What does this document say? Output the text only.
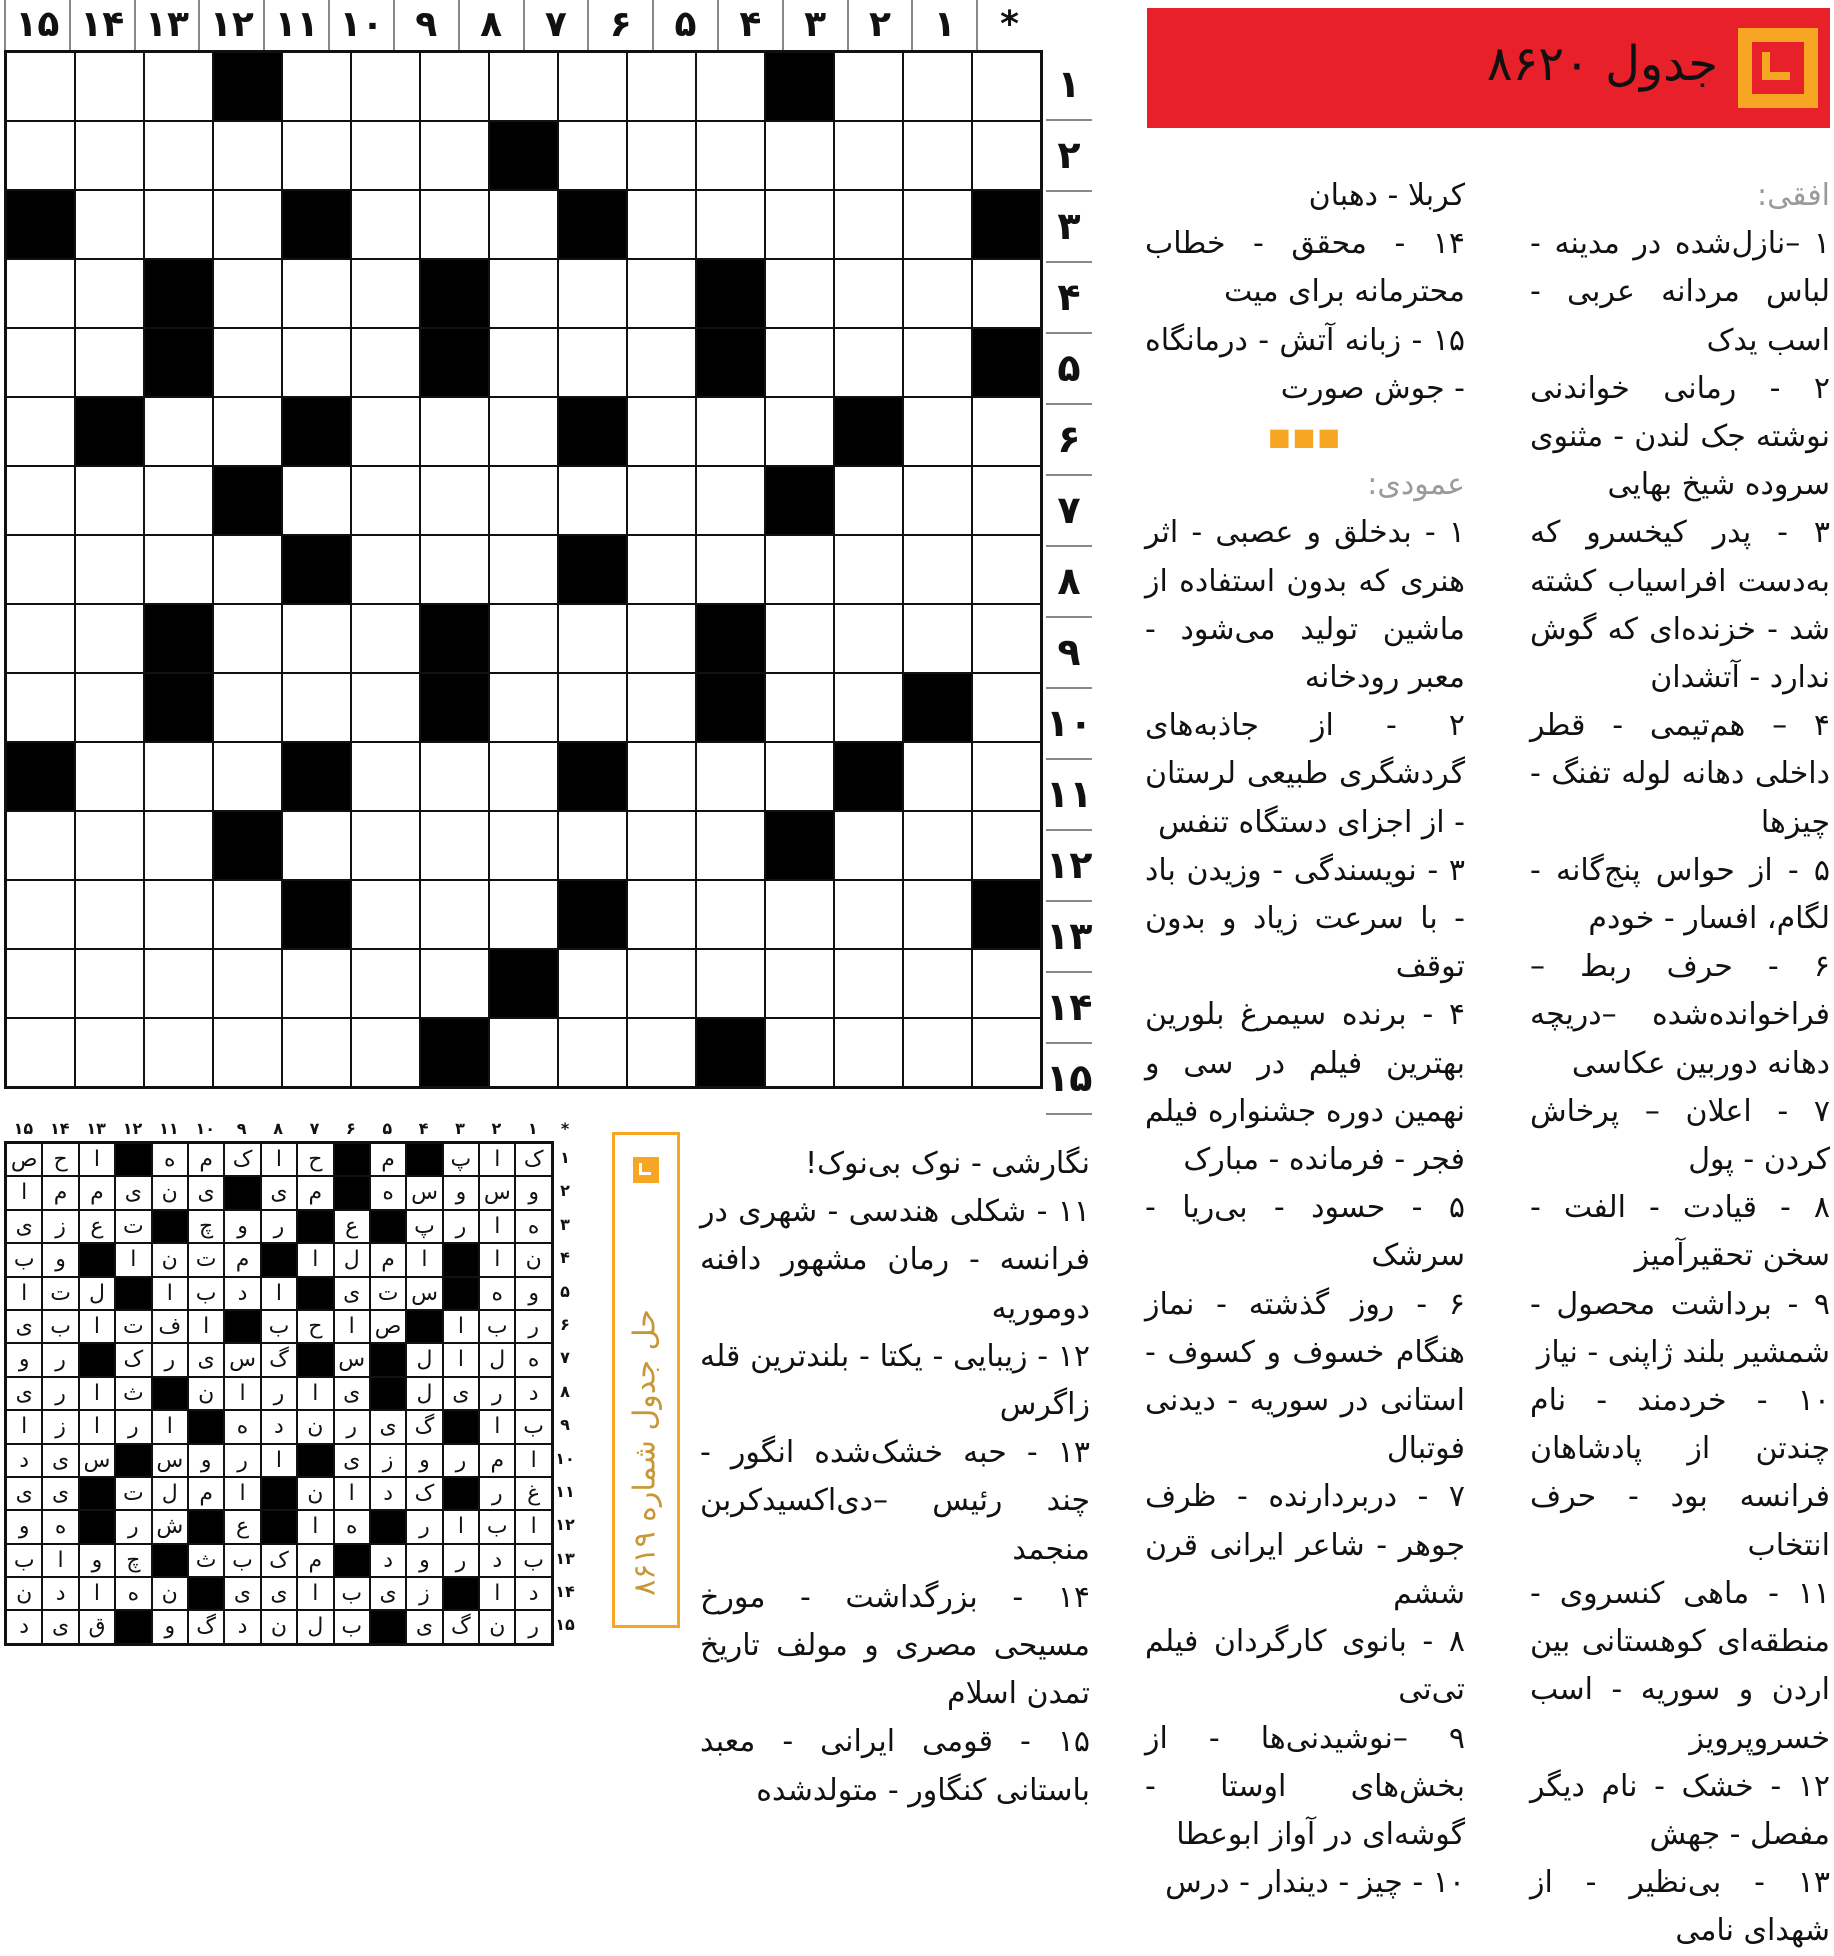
جدول ۸۶۲۰

افقی:

۱ –نازل‌شده در مدینه - لباس مردانه عربی - اسب یدک

۲ - رمانی خواندنی نوشته جک لندن - مثنوی سروده شیخ بهایی

۳ - پدر کیخسرو که به‌دست افراسیاب کشته شد - خزنده‌ای که گوش ندارد - آتشدان

۴ – هم‌تیمی - قطر داخلی دهانه لوله تفنگ - چیزها

۵ - از حواس پنج‌گانه - لگام، افسار - خودم

۶ - حرف ربط –فراخوانده‌شده –دریچه دهانه دوربین عکاسی

۷ - اعلان – پرخاش کردن - پول

۸ - قیادت - الفت - سخن تحقیرآمیز

۹ - برداشت محصول - شمشیر بلند ژاپنی - نیاز

۱۰ - خردمند - نام چندتن از پادشاهان فرانسه بود - حرف انتخاب

۱۱ - ماهی کنسروی - منطقه‌ای کوهستانی بین اردن و سوریه - اسب خسروپرویز

۱۲ - خشک - نام دیگر مفصل - جهش

۱۳ - بی‌نظیر - از شهدای نامی

کربلا - دهبان

۱۴ - محقق - خطاب محترمانه برای میت

۱۵ - زبانه آتش - درمانگاه - جوش صورت

■■■

عمودی:

۱ - بدخلق و عصبی - اثر هنری که بدون استفاده از ماشین تولید می‌شود - معبر رودخانه

۲ - از جاذبه‌های گردشگری طبیعی لرستان - از اجزای دستگاه تنفس

۳ - نویسندگی - وزیدن باد - با سرعت زیاد و بدون توقف

۴ - برنده سیمرغ بلورین بهترین فیلم در سی و نهمین دوره جشنواره فیلم فجر - فرمانده - مبارک

۵ - حسود - بی‌ریا - سرشک

۶ - روز گذشته - نماز هنگام خسوف و کسوف - استانی در سوریه - دیدنی فوتبال

۷ - دربردارنده - ظرف جوهر - شاعر ایرانی قرن ششم

۸ - بانوی کارگردان فیلم تی‌تی

۹ –نوشیدنی‌ها - از بخش‌های اوستا - گوشه‌ای در آواز ابوعطا

۱۰ - چیز - دیندار - درس

نگارشی - نوک بی‌نوک!

۱۱ - شکلی هندسی - شهری در فرانسه - رمان مشهور دافنه دوموریه

۱۲ - زیبایی - یکتا - بلندترین قله زاگرس

۱۳ - حبه خشک‌شده انگور - چند رئیس –دی‌اکسیدکربن منجمد

۱۴ - بزرگداشت - مورخ مسیحی مصری و مولف تاریخ تمدن اسلام

۱۵ - قومی ایرانی - معبد باستانی کنگاور - متولدشده

*
۱
۲
۳
۴
۵
۶
۷
۸
۹
۱۰
۱۱
۱۲
۱۳
۱۴
۱۵
۱
۲
۳
۴
۵
۶
۷
۸
۹
۱۰
۱۱
۱۲
۱۳
۱۴
۱۵
۱
۲
۳
۴
۵
۶
۷
۸
۹
۱۰
۱۱
۱۲
۱۳
۱۴
۱۵	*
۱
۲
۳
۴
۵
۶
۷
۸
۹
۱۰
۱۱
۱۲
۱۳
۱۴
۱۵
ک
ا
پ
م
ح
ا
ک
م
ه
ا
ح
ص
و
س
و
س
ه
م
ی
ی
ن
ی
م
م
ا
ه
ا
ر
پ
ع
ر
و
چ
ت
ع
ز
ی
ن
ا
ا
م
ل
ا
م
ت
ن
ا
و
ب
و
ه
س
ت
ی
ا
د
ب
ا
ل
ت
ا
ر
ب
ا
ص
ا
ح
ب
ا
ف
ت
ا
ب
ی
ه
ل
ا
ل
س
گ
س
ی
ر
ک
ر
و
د
ر
ی
ل
ی
ا
ر
ا
ن
ث
ا
ر
ی
ب
ا
گ
ی
ر
ن
د
ه
ا
ر
ا
ز
ا
ا
م
ر
و
ز
ی
ا
ر
و
س
س
ی
د
غ
ر
ک
د
ا
ن
ا
م
ل
ت
ی
ی
ا
ب
ا
ر
ه
ا
ع
ش
ر
ه
و
ب
د
ر
و
د
م
ک
ب
ث
چ
و
ا
ب
د
ا
ز
ی
ب
ا
ی
ی
ن
ه
ا
د
ن
ر
ن
گ
ی
ب
ل
ن
د
گ
و
ق
ی
د
حل جدول شماره ۸۶۱۹
